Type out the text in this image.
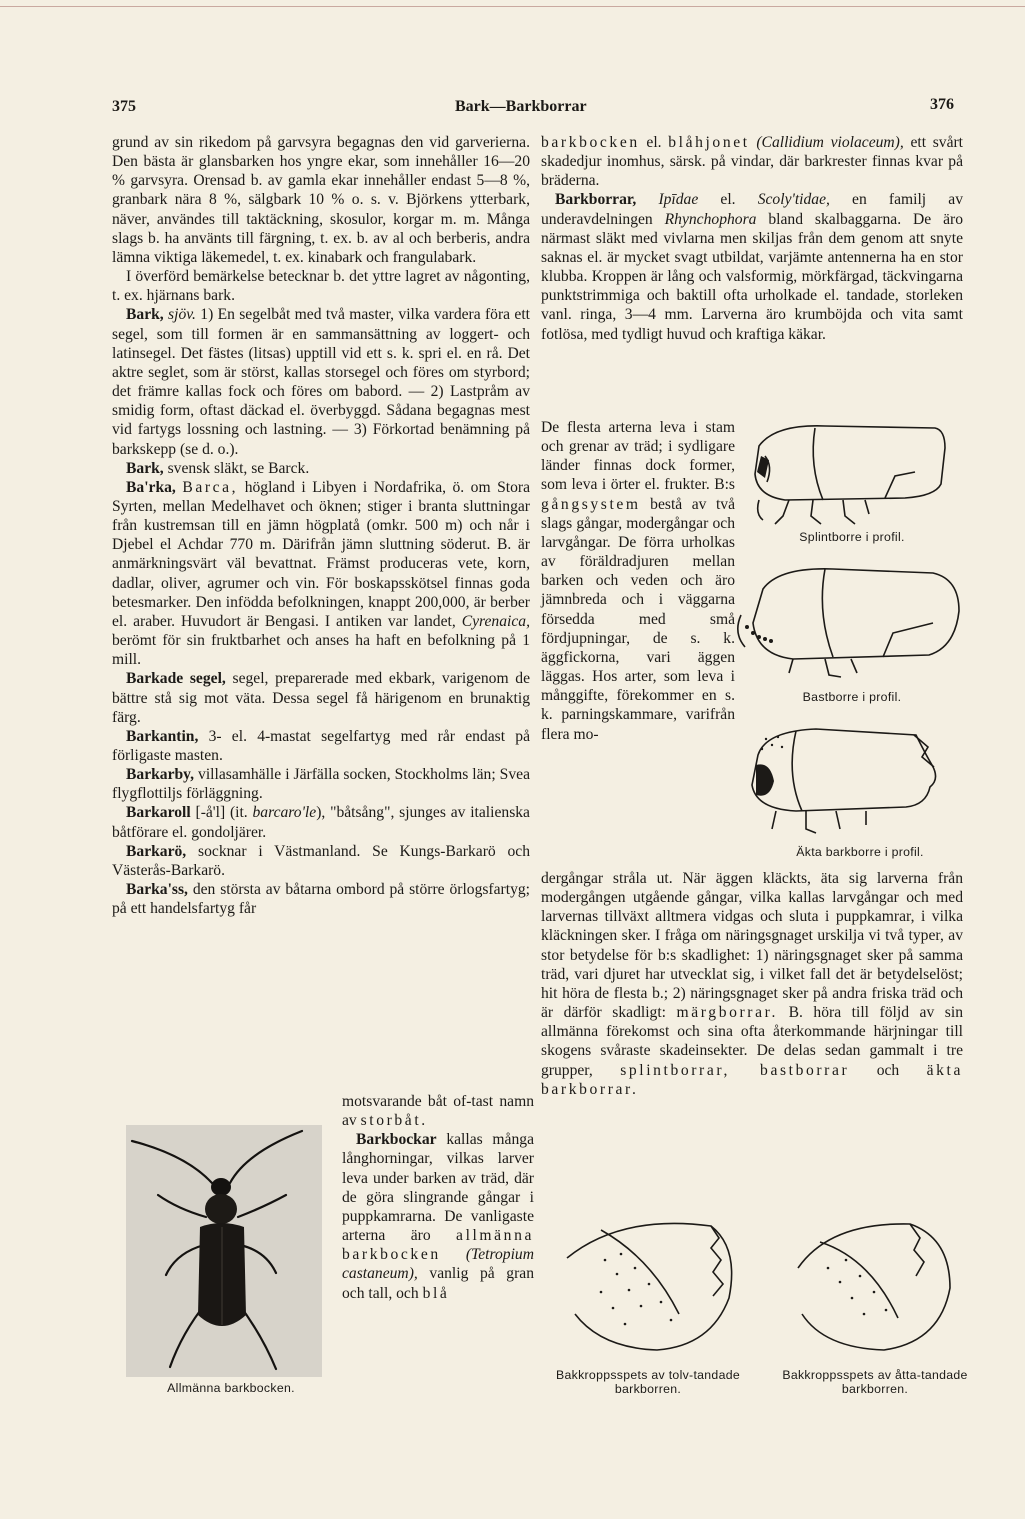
375	Bark—Barkborrar	376

grund av sin rikedom på garvsyra begagnas den vid garverierna. Den bästa är glansbarken hos yngre ekar, som innehåller 16—20 % garvsyra. Orensad b. av gamla ekar innehåller endast 5—8 %, granbark nära 8 %, sälgbark 10 % o. s. v. Björkens ytterbark, näver, användes till taktäckning, skosulor, korgar m. m. Många slags b. ha använts till färgning, t. ex. b. av al och berberis, andra lämna viktiga läkemedel, t. ex. kinabark och frangulabark.

I överförd bemärkelse betecknar b. det yttre lagret av någonting, t. ex. hjärnans bark.

Bark, sjöv. 1) En segelbåt med två master, vilka vardera föra ett segel, som till formen är en sammansättning av loggert- och latinsegel. Det fästes (litsas) upptill vid ett s. k. spri el. en rå. Det aktre seglet, som är störst, kallas storsegel och föres om styrbord; det främre kallas fock och föres om babord. — 2) Lastpråm av smidig form, oftast däckad el. överbyggd. Sådana begagnas mest vid fartygs lossning och lastning. — 3) Förkortad benämning på barkskepp (se d. o.).

Bark, svensk släkt, se Barck.

Ba'rka, Barca, högland i Libyen i Nordafrika, ö. om Stora Syrten, mellan Medelhavet och öknen; stiger i branta sluttningar från kustremsan till en jämn högplatå (omkr. 500 m) och når i Djebel el Achdar 770 m. Därifrån jämn sluttning söderut. B. är anmärkningsvärt väl bevattnat. Främst produceras vete, korn, dadlar, oliver, agrumer och vin. För boskapsskötsel finnas goda betesmarker. Den infödda befolkningen, knappt 200,000, är berber el. araber. Huvudort är Bengasi. I antiken var landet, Cyrenaica, berömt för sin fruktbarhet och anses ha haft en befolkning på 1 mill.

Barkade segel, segel, preparerade med ekbark, varigenom de bättre stå sig mot väta. Dessa segel få härigenom en brunaktig färg.

Barkantin, 3- el. 4-mastat segelfartyg med rår endast på förligaste masten.

Barkarby, villasamhälle i Järfälla socken, Stockholms län; Svea flygflottiljs förläggning.

Barkaroll [-å'l] (it. barcaro'le), "båtsång", sjunges av italienska båtförare el. gondoljärer.

Barkarö, socknar i Västmanland. Se Kungs-Barkarö och Västerås-Barkarö.

Barka'ss, den största av båtarna ombord på större örlogsfartyg; på ett handelsfartyg får

motsvarande båt of-tast namn av storbåt.

Barkbockar kallas många långhorningar, vilkas larver leva under barken av träd, där de göra slingrande gångar i puppkamrarna. De vanligaste arterna äro allmänna barkbocken (Tetropium castaneum), vanlig på gran och tall, och blå

Allmänna barkbocken.

barkbocken el. blåhjonet (Callidium violaceum), ett svårt skadedjur inomhus, särsk. på vindar, där barkrester finnas kvar på bräderna.

Barkborrar, Ipīdae el. Scoly'tidae, en familj av underavdelningen Rhynchophora bland skalbaggarna. De äro närmast släkt med vivlarna men skiljas från dem genom att snyte saknas el. är mycket svagt utbildat, varjämte antennerna ha en stor klubba. Kroppen är lång och valsformig, mörkfärgad, täckvingarna punktstrimmiga och baktill ofta urholkade el. tandade, storleken vanl. ringa, 3—4 mm. Larverna äro krumböjda och vita samt fotlösa, med tydligt huvud och kraftiga käkar.

De flesta arterna leva i stam och grenar av träd; i sydligare länder finnas dock former, som leva i örter el. frukter. B:s gångsystem bestå av två slags gångar, modergångar och larvgångar. De förra urholkas av föräldradjuren mellan barken och veden och äro jämnbreda och i väggarna försedda med små fördjupningar, de s. k. äggfickorna, vari äggen läggas. Hos arter, som leva i månggifte, förekommer en s. k. parningskammare, varifrån flera mo-

Splintborre i profil.
Bastborre i profil.
Äkta barkborre i profil.

dergångar stråla ut. När äggen kläckts, äta sig larverna från modergången utgående gångar, vilka kallas larvgångar och med larvernas tillväxt alltmera vidgas och sluta i puppkamrar, i vilka kläckningen sker. I fråga om näringsgnaget urskilja vi två typer, av stor betydelse för b:s skadlighet: 1) näringsgnaget sker på samma träd, vari djuret har utvecklat sig, i vilket fall det är betydelselöst; hit höra de flesta b.; 2) näringsgnaget sker på andra friska träd och är därför skadligt: märgborrar. B. höra till följd av sin allmänna förekomst och sina ofta återkommande härjningar till skogens svåraste skadeinsekter. De delas sedan gammalt i tre grupper, splintborrar, bastborrar och äkta barkborrar.

Bakkroppsspets av tolv-tandade barkborren.
Bakkroppsspets av åtta-tandade barkborren.
